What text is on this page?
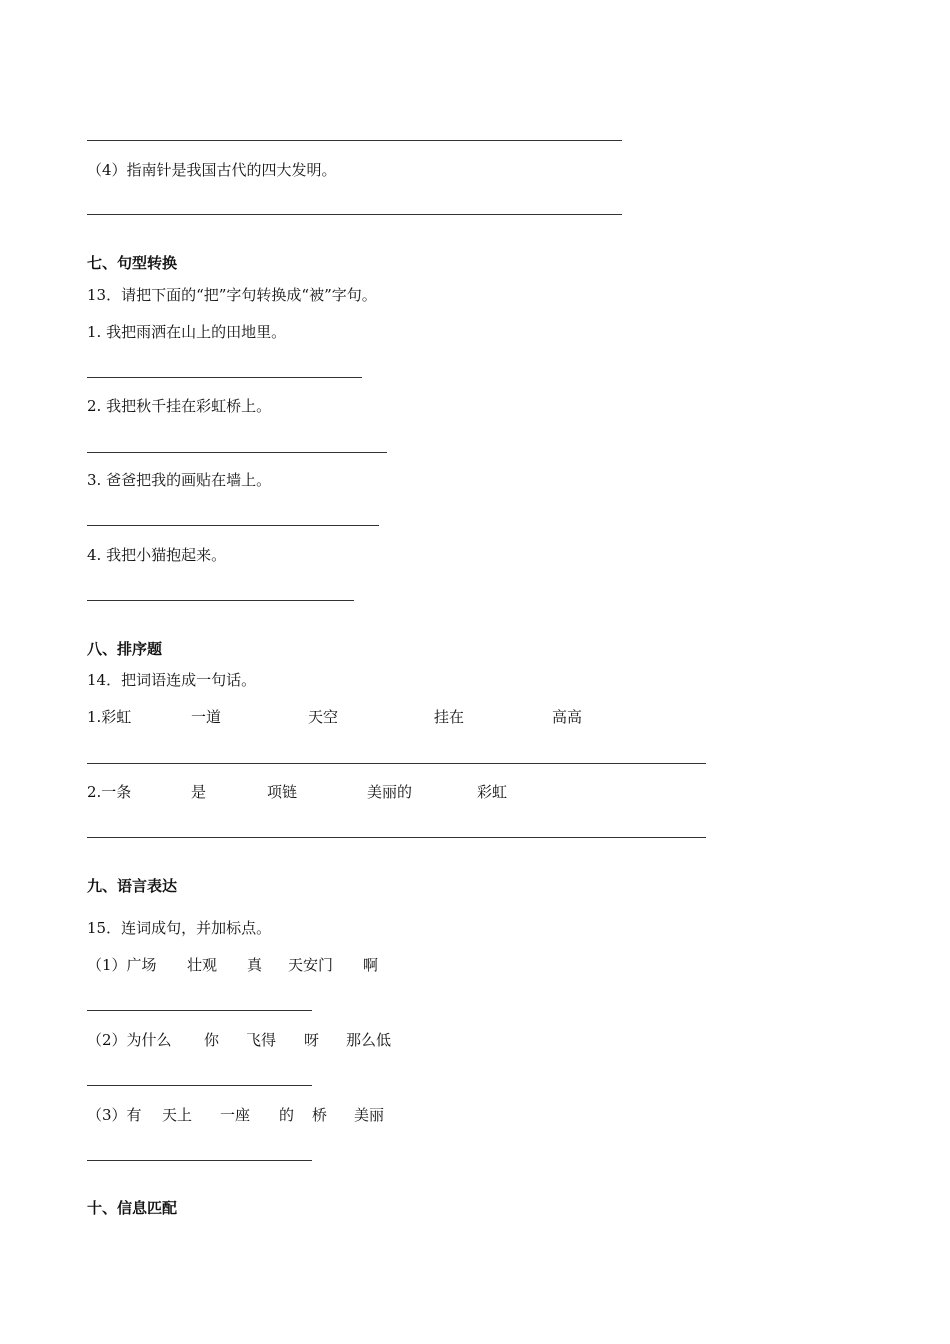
（4）指南针是我国古代的四大发明。
七、句型转换
13．请把下面的“把”字句转换成“被”字句。
1. 我把雨洒在山上的田地里。
2. 我把秋千挂在彩虹桥上。
3. 爸爸把我的画贴在墙上。
4. 我把小猫抱起来。
八、排序题
14．把词语连成一句话。
1.彩虹	一道	天空	挂在	高高
2.一条	是	项链	美丽的	彩虹
九、语言表达
15．连词成句，并加标点。
（1）广场 壮观 真 天安门 啊
（2）为什么 你 飞得 呀 那么低
（3）有 天上 一座 的 桥 美丽
十、信息匹配
